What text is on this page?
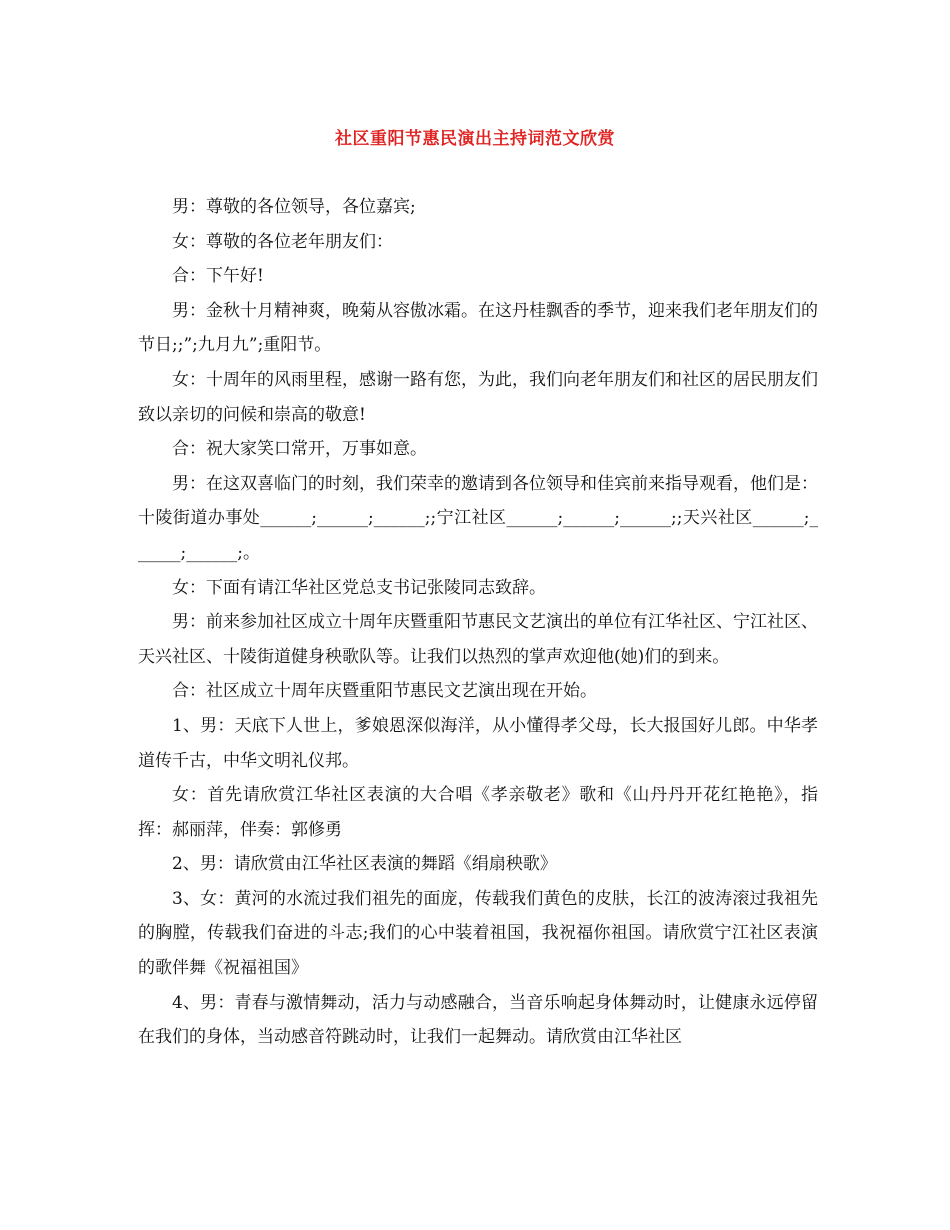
社区重阳节惠民演出主持词范文欣赏

男：尊敬的各位领导，各位嘉宾;

女：尊敬的各位老年朋友们：

合：下午好!

男：金秋十月精神爽，晚菊从容傲冰霜。在这丹桂飘香的季节，迎来我们老年朋友们的节日;;”;九月九”;重阳节。

女：十周年的风雨里程，感谢一路有您，为此，我们向老年朋友们和社区的居民朋友们致以亲切的问候和崇高的敬意!

合：祝大家笑口常开，万事如意。

男：在这双喜临门的时刻，我们荣幸的邀请到各位领导和佳宾前来指导观看，他们是：十陵街道办事处______;______;______;;宁江社区______;______;______;;天兴社区______;______;______;。

女：下面有请江华社区党总支书记张陵同志致辞。

男：前来参加社区成立十周年庆暨重阳节惠民文艺演出的单位有江华社区、宁江社区、天兴社区、十陵街道健身秧歌队等。让我们以热烈的掌声欢迎他(她)们的到来。

合：社区成立十周年庆暨重阳节惠民文艺演出现在开始。

1、男：天底下人世上，爹娘恩深似海洋，从小懂得孝父母，长大报国好儿郎。中华孝道传千古，中华文明礼仪邦。

女：首先请欣赏江华社区表演的大合唱《孝亲敬老》歌和《山丹丹开花红艳艳》，指挥：郝丽萍，伴奏：郭修勇

2、男：请欣赏由江华社区表演的舞蹈《绢扇秧歌》

3、女：黄河的水流过我们祖先的面庞，传载我们黄色的皮肤，长江的波涛滚过我祖先的胸膛，传载我们奋进的斗志;我们的心中装着祖国，我祝福你祖国。请欣赏宁江社区表演的歌伴舞《祝福祖国》

4、男：青春与激情舞动，活力与动感融合，当音乐响起身体舞动时，让健康永远停留在我们的身体，当动感音符跳动时，让我们一起舞动。请欣赏由江华社区
